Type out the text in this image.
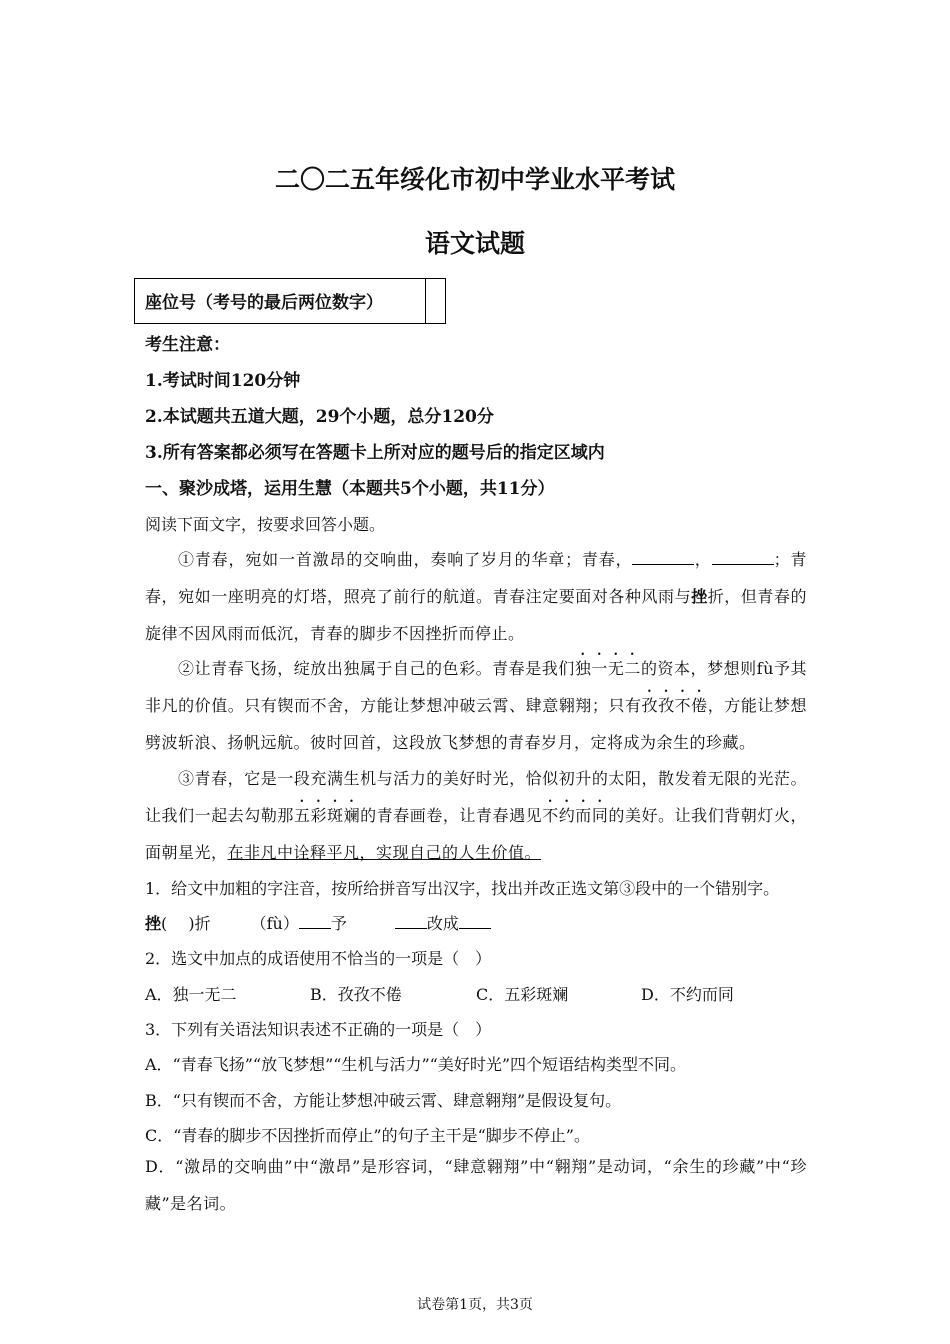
二〇二五年绥化市初中学业水平考试
语文试题
座位号（考号的最后两位数字）
考生注意：
1.考试时间120分钟
2.本试题共五道大题，29个小题，总分120分
3.所有答案都必须写在答题卡上所对应的题号后的指定区域内
一、聚沙成塔，运用生慧（本题共5个小题，共11分）
阅读下面文字，按要求回答小题。
①青春，宛如一首激昂的交响曲，奏响了岁月的华章；青春，	，	；青春，宛如一座明亮的灯塔，照亮了前行的航道。青春注定要面对各种风雨与挫折，但青春的旋律不因风雨而低沉，青春的脚步不因挫折而停止。
②让青春飞扬，绽放出独属于自己的色彩。青春是我们独一无二的资本，梦想则fù予其非凡的价值。只有锲而不舍，方能让梦想冲破云霄、肆意翱翔；只有孜孜不倦，方能让梦想劈波斩浪、扬帆远航。彼时回首，这段放飞梦想的青春岁月，定将成为余生的珍藏。
③青春，它是一段充满生机与活力的美好时光，恰似初升的太阳，散发着无限的光茫。让我们一起去勾勒那五彩斑斓的青春画卷，让青春遇见不约而同的美好。让我们背朝灯火，面朝星光，在非凡中诠释平凡，实现自己的人生价值。
1．给文中加粗的字注音，按所给拼音写出汉字，找出并改正选文第③段中的一个错别字。
挫(　 )折	（fù） 予	改成
2．选文中加点的成语使用不恰当的一项是（　）
A．独一无二	B．孜孜不倦	C．五彩斑斓	D．不约而同
3．下列有关语法知识表述不正确的一项是（　）
A．“青春飞扬”“放飞梦想”“生机与活力”“美好时光”四个短语结构类型不同。
B．“只有锲而不舍，方能让梦想冲破云霄、肆意翱翔”是假设复句。
C．“青春的脚步不因挫折而停止”的句子主干是“脚步不停止”。
D．“激昂的交响曲”中“激昂”是形容词，“肆意翱翔”中“翱翔”是动词，“余生的珍藏”中“珍藏”是名词。
试卷第1页，共3页
